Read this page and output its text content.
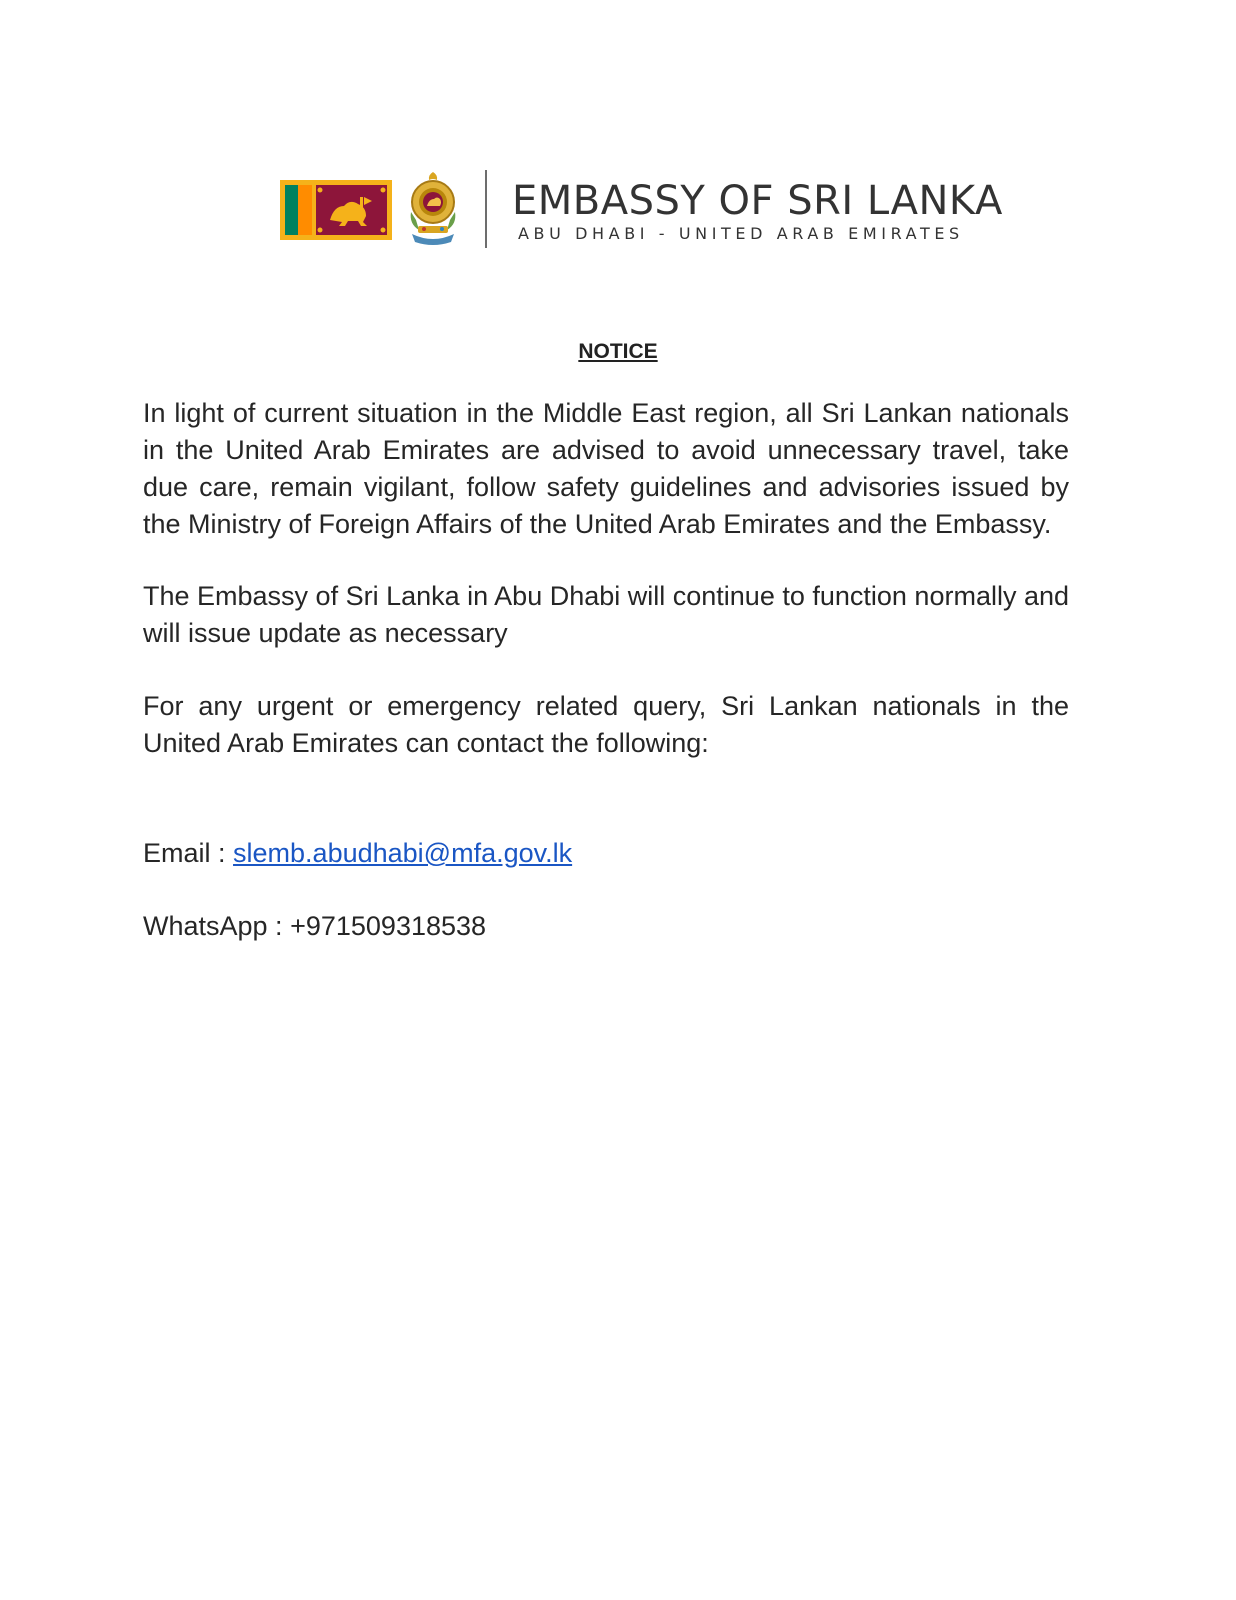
EMBASSY OF SRI LANKA
ABU DHABI - UNITED ARAB EMIRATES
NOTICE
In light of current situation in the Middle East region, all Sri Lankan nationals in the United Arab Emirates are advised to avoid unnecessary travel, take due care, remain vigilant, follow safety guidelines and advisories issued by the Ministry of Foreign Affairs of the United Arab Emirates and the Embassy.
The Embassy of Sri Lanka in Abu Dhabi will continue to function normally and will issue update as necessary
For any urgent or emergency related query, Sri Lankan nationals in the United Arab Emirates can contact the following:
Email : slemb.abudhabi@mfa.gov.lk
WhatsApp : +971509318538
